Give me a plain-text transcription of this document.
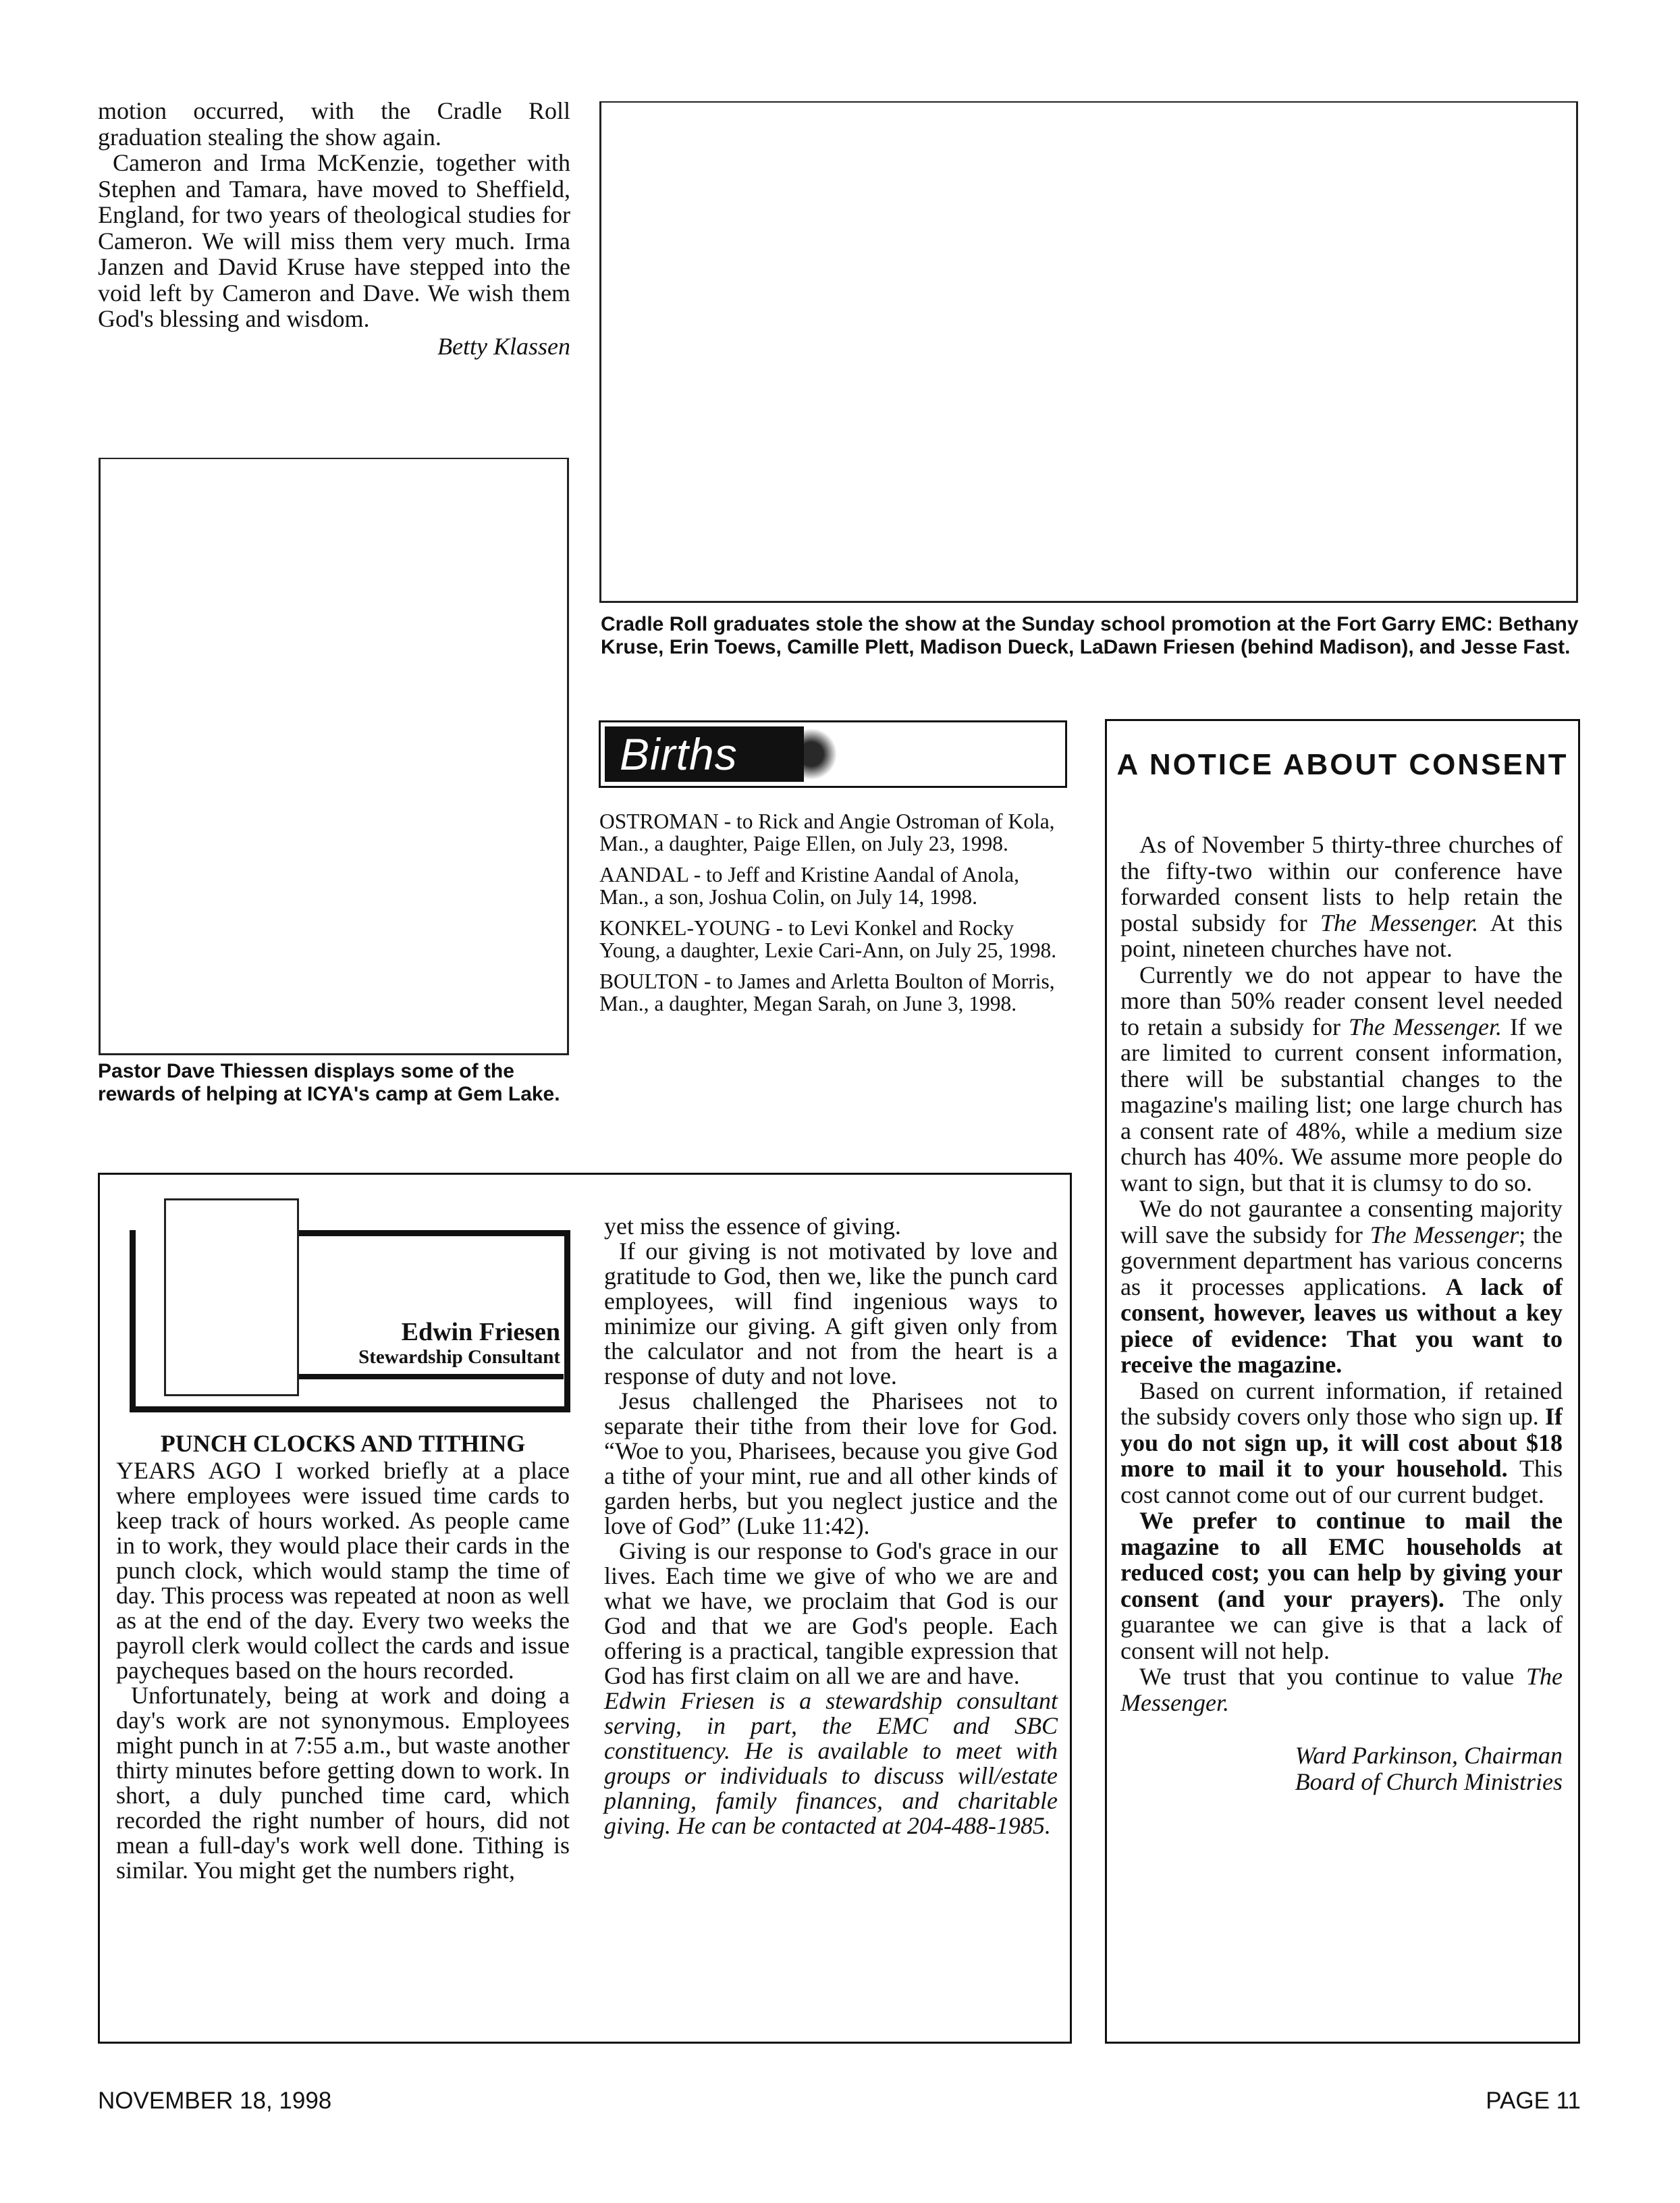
motion occurred, with the Cradle Roll graduation stealing the show again.

Cameron and Irma McKenzie, together with Stephen and Tamara, have moved to Sheffield, England, for two years of theological studies for Cameron. We will miss them very much. Irma Janzen and David Kruse have stepped into the void left by Cameron and Dave. We wish them God's blessing and wisdom.

Betty Klassen

Cradle Roll graduates stole the show at the Sunday school promotion at the Fort Garry EMC: Bethany Kruse, Erin Toews, Camille Plett, Madison Dueck, LaDawn Friesen (behind Madison), and Jesse Fast.
Pastor Dave Thiessen displays some of the rewards of helping at ICYA's camp at Gem Lake.
Births

OSTROMAN - to Rick and Angie Ostroman of Kola, Man., a daughter, Paige Ellen, on July 23, 1998.

AANDAL - to Jeff and Kristine Aandal of Anola, Man., a son, Joshua Colin, on July 14, 1998.

KONKEL-YOUNG - to Levi Konkel and Rocky Young, a daughter, Lexie Cari-Ann, on July 25, 1998.

BOULTON - to James and Arletta Boulton of Morris, Man., a daughter, Megan Sarah, on June 3, 1998.

A NOTICE ABOUT CONSENT

As of November 5 thirty-three churches of the fifty-two within our conference have forwarded consent lists to help retain the postal subsidy for The Messenger. At this point, nineteen churches have not.

Currently we do not appear to have the more than 50% reader consent level needed to retain a subsidy for The Messenger. If we are limited to current consent information, there will be substantial changes to the magazine's mailing list; one large church has a consent rate of 48%, while a medium size church has 40%. We assume more people do want to sign, but that it is clumsy to do so.

We do not gaurantee a consenting majority will save the subsidy for The Messenger; the government department has various concerns as it processes applications. A lack of consent, however, leaves us without a key piece of evidence: That you want to receive the magazine.

Based on current information, if retained the subsidy covers only those who sign up. If you do not sign up, it will cost about $18 more to mail it to your household. This cost cannot come out of our current budget.

We prefer to continue to mail the magazine to all EMC households at reduced cost; you can help by giving your consent (and your prayers). The only guarantee we can give is that a lack of consent will not help.

We trust that you continue to value The Messenger.

Ward Parkinson, Chairman

Board of Church Ministries

Edwin Friesen
Stewardship Consultant

PUNCH CLOCKS AND TITHING

YEARS AGO I worked briefly at a place where employees were issued time cards to keep track of hours worked. As people came in to work, they would place their cards in the punch clock, which would stamp the time of day. This process was repeated at noon as well as at the end of the day. Every two weeks the payroll clerk would collect the cards and issue paycheques based on the hours recorded.

Unfortunately, being at work and doing a day's work are not synonymous. Employees might punch in at 7:55 a.m., but waste another thirty minutes before getting down to work. In short, a duly punched time card, which recorded the right number of hours, did not mean a full-day's work well done. Tithing is similar. You might get the numbers right,

yet miss the essence of giving.

If our giving is not motivated by love and gratitude to God, then we, like the punch card employees, will find ingenious ways to minimize our giving. A gift given only from the calculator and not from the heart is a response of duty and not love.

Jesus challenged the Pharisees not to separate their tithe from their love for God. “Woe to you, Pharisees, because you give God a tithe of your mint, rue and all other kinds of garden herbs, but you neglect justice and the love of God” (Luke 11:42).

Giving is our response to God's grace in our lives. Each time we give of who we are and what we have, we proclaim that God is our God and that we are God's people. Each offering is a practical, tangible expression that God has first claim on all we are and have.

Edwin Friesen is a stewardship consultant serving, in part, the EMC and SBC constituency. He is available to meet with groups or individuals to discuss will/estate planning, family finances, and charitable giving. He can be contacted at 204-488-1985.

NOVEMBER 18, 1998	PAGE 11
